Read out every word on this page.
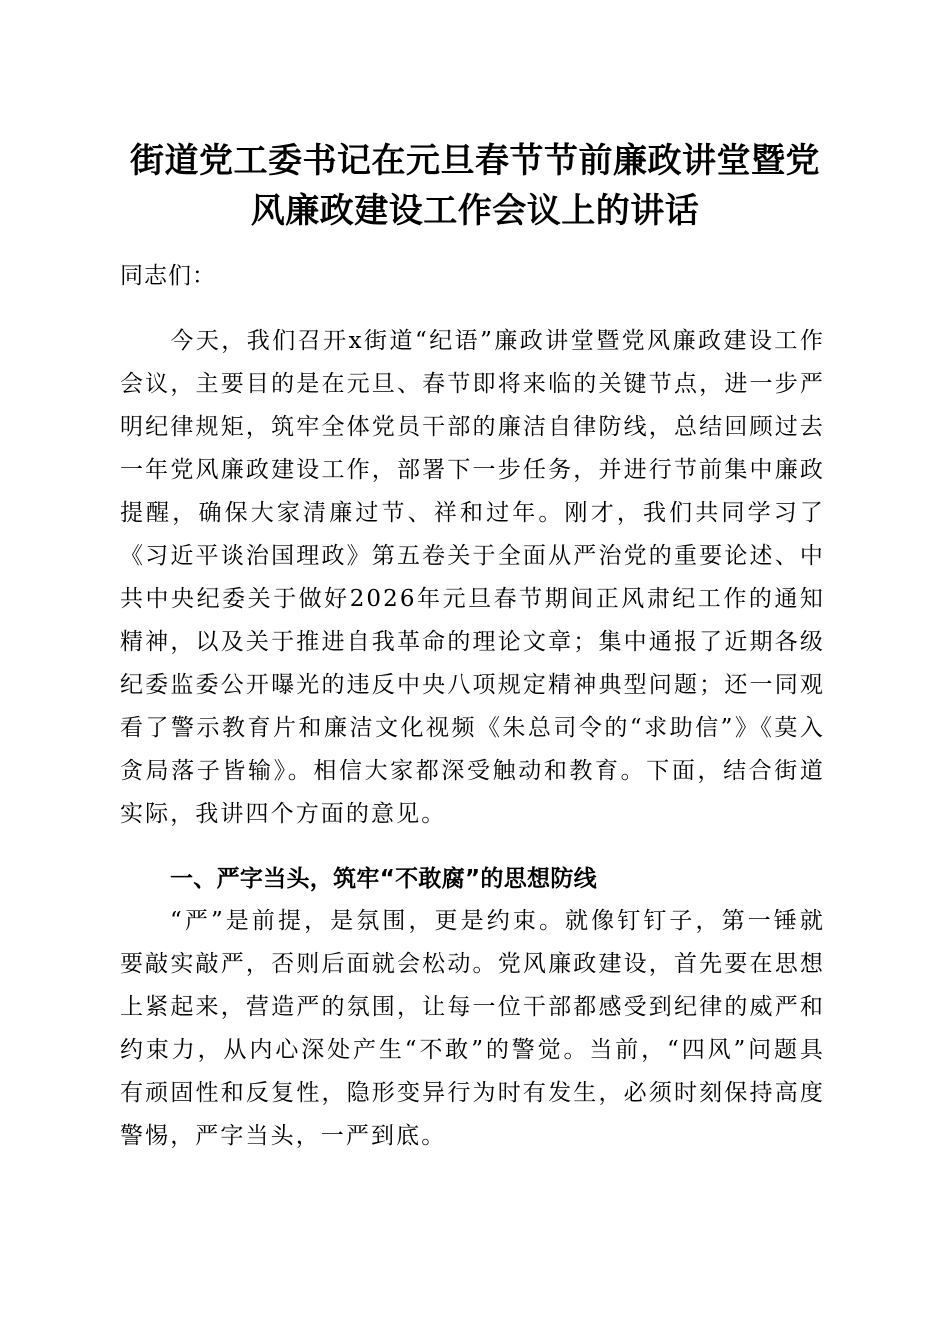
街道党工委书记在元旦春节节前廉政讲堂暨党
风廉政建设工作会议上的讲话

同志们：

今天，我们召开x街道“纪语”廉政讲堂暨党风廉政建设工作会议，主要目的是在元旦、春节即将来临的关键节点，进一步严明纪律规矩，筑牢全体党员干部的廉洁自律防线，总结回顾过去一年党风廉政建设工作，部署下一步任务，并进行节前集中廉政提醒，确保大家清廉过节、祥和过年。刚才，我们共同学习了《习近平谈治国理政》第五卷关于全面从严治党的重要论述、中共中央纪委关于做好2026年元旦春节期间正风肃纪工作的通知精神，以及关于推进自我革命的理论文章；集中通报了近期各级纪委监委公开曝光的违反中央八项规定精神典型问题；还一同观看了警示教育片和廉洁文化视频《朱总司令的“求助信”》《莫入贪局落子皆输》。相信大家都深受触动和教育。下面，结合街道实际，我讲四个方面的意见。

一、严字当头，筑牢“不敢腐”的思想防线

“严”是前提，是氛围，更是约束。就像钉钉子，第一锤就要敲实敲严，否则后面就会松动。党风廉政建设，首先要在思想上紧起来，营造严的氛围，让每一位干部都感受到纪律的威严和约束力，从内心深处产生“不敢”的警觉。当前，“四风”问题具有顽固性和反复性，隐形变异行为时有发生，必须时刻保持高度警惕，严字当头，一严到底。
